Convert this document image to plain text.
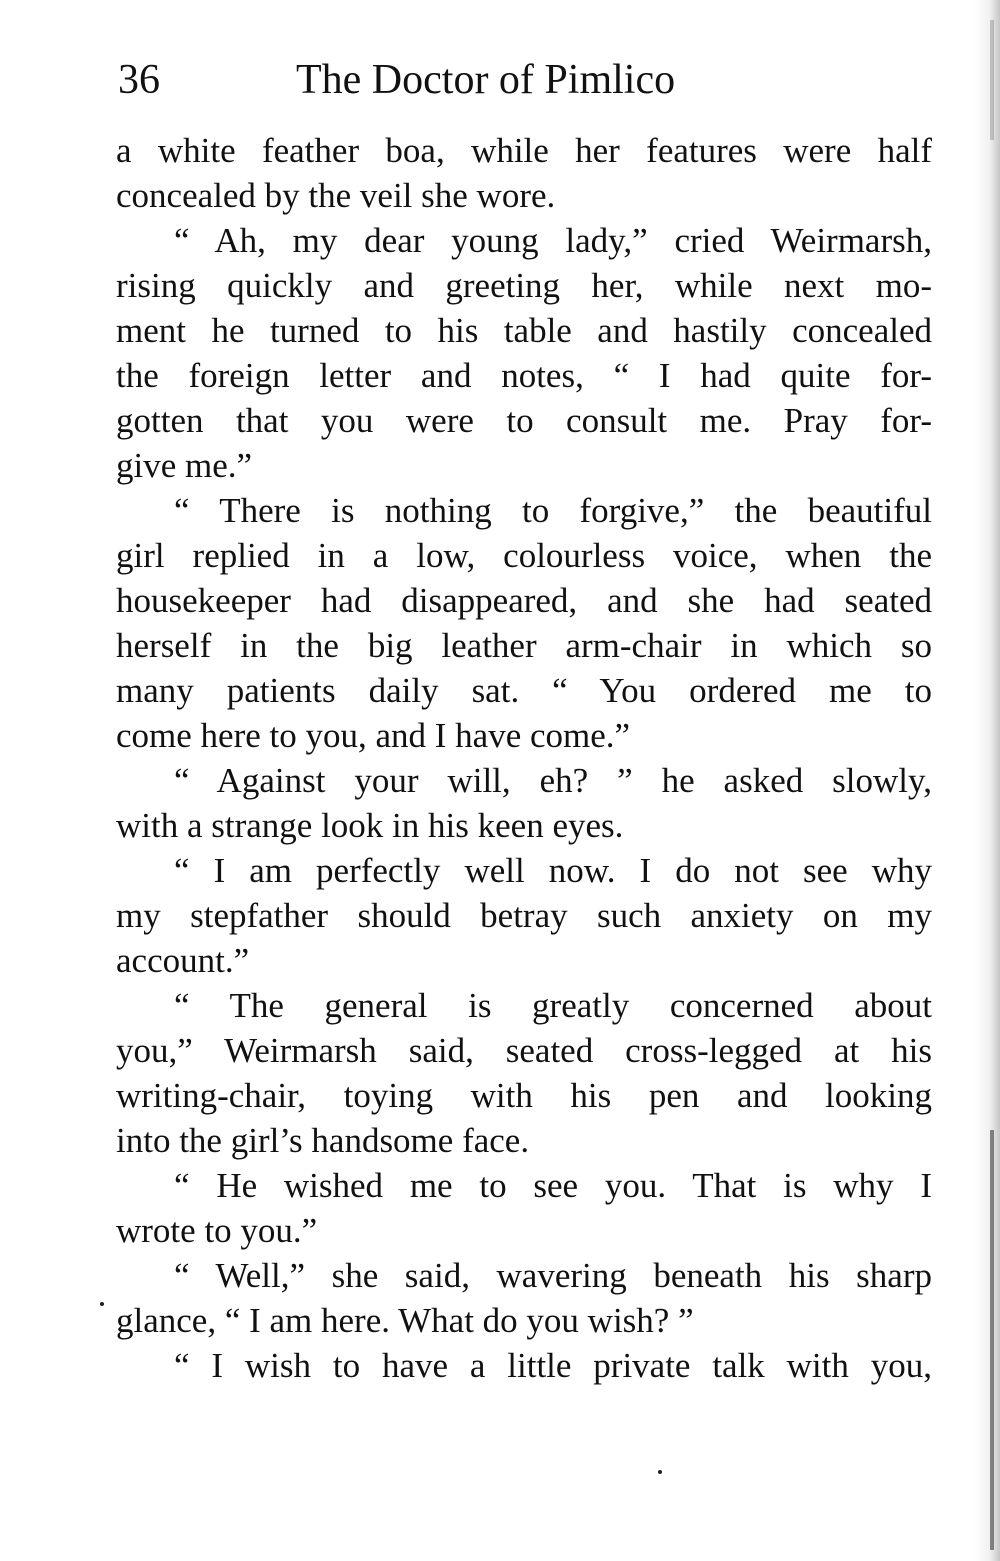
36	The Doctor of Pimlico
a white feather boa, while her features were half
concealed by the veil she wore.
“ Ah, my dear young lady,” cried Weirmarsh,
rising quickly and greeting her, while next mo-
ment he turned to his table and hastily concealed
the foreign letter and notes, “ I had quite for-
gotten that you were to consult me. Pray for-
give me.”
“ There is nothing to forgive,” the beautiful
girl replied in a low, colourless voice, when the
housekeeper had disappeared, and she had seated
herself in the big leather arm-chair in which so
many patients daily sat. “ You ordered me to
come here to you, and I have come.”
“ Against your will, eh? ” he asked slowly,
with a strange look in his keen eyes.
“ I am perfectly well now. I do not see why
my stepfather should betray such anxiety on my
account.”
“ The general is greatly concerned about
you,” Weirmarsh said, seated cross-legged at his
writing-chair, toying with his pen and looking
into the girl’s handsome face.
“ He wished me to see you. That is why I
wrote to you.”
“ Well,” she said, wavering beneath his sharp
glance, “ I am here. What do you wish? ”
“ I wish to have a little private talk with you,
